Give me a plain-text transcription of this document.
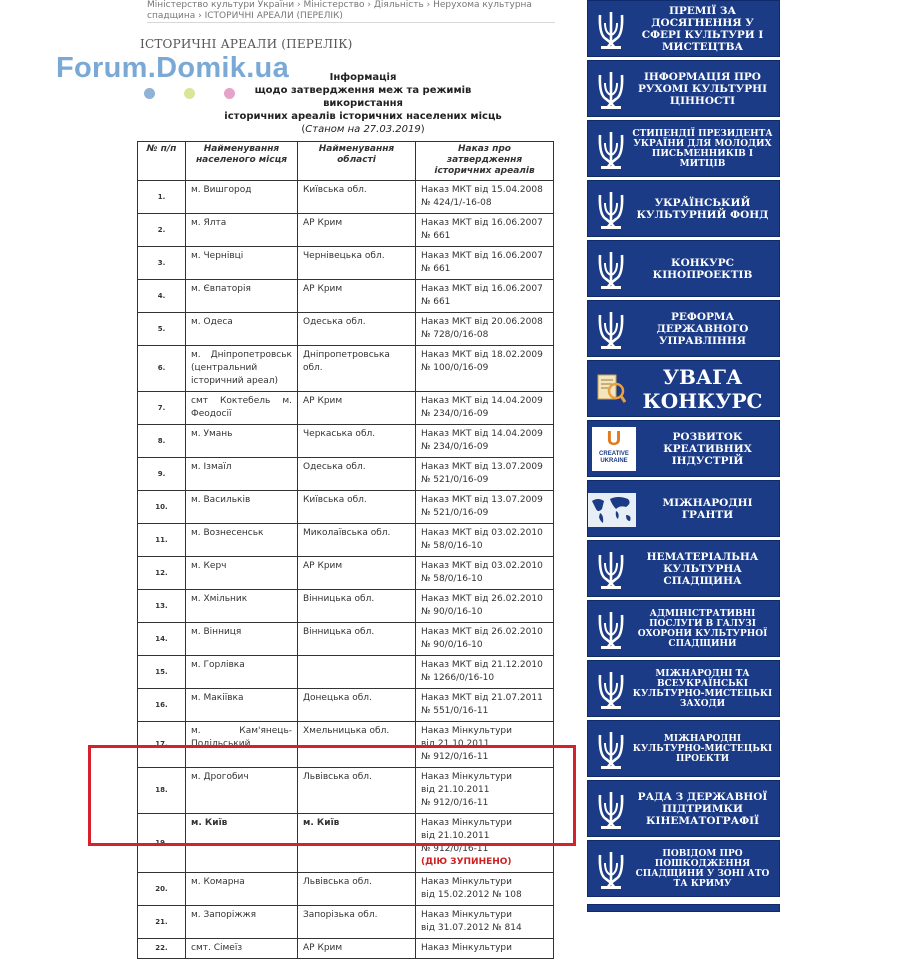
Міністерство культури України › Міністерство › Діяльність › Нерухома культурна спадщина › ІСТОРИЧНІ АРЕАЛИ (ПЕРЕЛІК)
ІСТОРИЧНІ АРЕАЛИ (ПЕРЕЛІК)
Forum.Domik.ua	Інформація
щодо затвердження меж та режимів використання
історичних ареалів історичних населених місць
(Станом на 27.03.2019)
№ п/п	Найменування населеного місця	Найменування області	Наказ про затвердження історичних ареалів
1.	м. Вишгород	Київська обл.	Наказ МКТ від 15.04.2008
№ 424/1/-16-08

2.	м. Ялта	АР Крим	Наказ МКТ від 16.06.2007
№ 661

3.	м. Чернівці	Чернівецька обл.	Наказ МКТ від 16.06.2007
№ 661

4.	м. Євпаторія	АР Крим	Наказ МКТ від 16.06.2007
№ 661

5.	м. Одеса	Одеська обл.	Наказ МКТ від 20.06.2008
№ 728/0/16-08

6.	м. Дніпропетровськ (центральний історичний ареал)	Дніпропетровська обл.	Наказ МКТ від 18.02.2009
№ 100/0/16-09

7.	смт Коктебель м. Феодосії	АР Крим	Наказ МКТ від 14.04.2009
№ 234/0/16-09

8.	м. Умань	Черкаська обл.	Наказ МКТ від 14.04.2009
№ 234/0/16-09

9.	м. Ізмаїл	Одеська обл.	Наказ МКТ від 13.07.2009
№ 521/0/16-09

10.	м. Васильків	Київська обл.	Наказ МКТ від 13.07.2009
№ 521/0/16-09

11.	м. Вознесенськ	Миколаївська обл.	Наказ МКТ від 03.02.2010
№ 58/0/16-10

12.	м. Керч	АР Крим	Наказ МКТ від 03.02.2010
№ 58/0/16-10

13.	м. Хмільник	Вінницька обл.	Наказ МКТ від 26.02.2010
№ 90/0/16-10

14.	м. Вінниця	Вінницька обл.	Наказ МКТ від 26.02.2010
№ 90/0/16-10

15.	м. Горлівка		Наказ МКТ від 21.12.2010
№ 1266/0/16-10

16.	м. Макіївка	Донецька обл.	Наказ МКТ від 21.07.2011
№ 551/0/16-11

17.	м. Кам'янець-Подільський	Хмельницька обл.	Наказ Мінкультури
від 21.10.2011
№ 912/0/16-11

18.	м. Дрогобич	Львівська обл.	Наказ Мінкультури
від 21.10.2011
№ 912/0/16-11

19.	м. Київ	м. Київ	Наказ Мінкультури
від 21.10.2011
№ 912/0/16-11
(ДІЮ ЗУПИНЕНО)

20.	м. Комарна	Львівська обл.	Наказ Мінкультури
від 15.02.2012 № 108

21.	м. Запоріжжя	Запорізька обл.	Наказ Мінкультури
від 31.07.2012 № 814

22.	смт. Сімеїз	АР Крим	Наказ Мінкультури
ПРЕМІЇ ЗА ДОСЯГНЕННЯ У СФЕРІ КУЛЬТУРИ І МИСТЕЦТВА
ІНФОРМАЦІЯ ПРО РУХОМІ КУЛЬТУРНІ ЦІННОСТІ
СТИПЕНДІЇ ПРЕЗИДЕНТА УКРАЇНИ ДЛЯ МОЛОДИХ ПИСЬМЕННИКІВ І МИТЦІВ
УКРАЇНСЬКИЙ КУЛЬТУРНИЙ ФОНД
КОНКУРС КІНОПРОЕКТІВ
РЕФОРМА ДЕРЖАВНОГО УПРАВЛІННЯ
УВАГА КОНКУРС
U
CREATIVE
UKRAINE
РОЗВИТОК КРЕАТИВНИХ ІНДУСТРІЙ
МІЖНАРОДНІ ГРАНТИ
НЕМАТЕРІАЛЬНА КУЛЬТУРНА СПАДЩИНА
АДМІНІСТРАТИВНІ ПОСЛУГИ В ГАЛУЗІ ОХОРОНИ КУЛЬТУРНОЇ СПАДЩИНИ
МІЖНАРОДНІ ТА ВСЕУКРАЇНСЬКІ КУЛЬТУРНО-МИСТЕЦЬКІ ЗАХОДИ
МІЖНАРОДНІ КУЛЬТУРНО-МИСТЕЦЬКІ ПРОЕКТИ
РАДА З ДЕРЖАВНОЇ ПІДТРИМКИ КІНЕМАТОГРАФІЇ
ПОВІДОМ ПРО ПОШКОДЖЕННЯ СПАДЩИНИ У ЗОНІ АТО ТА КРИМУ
